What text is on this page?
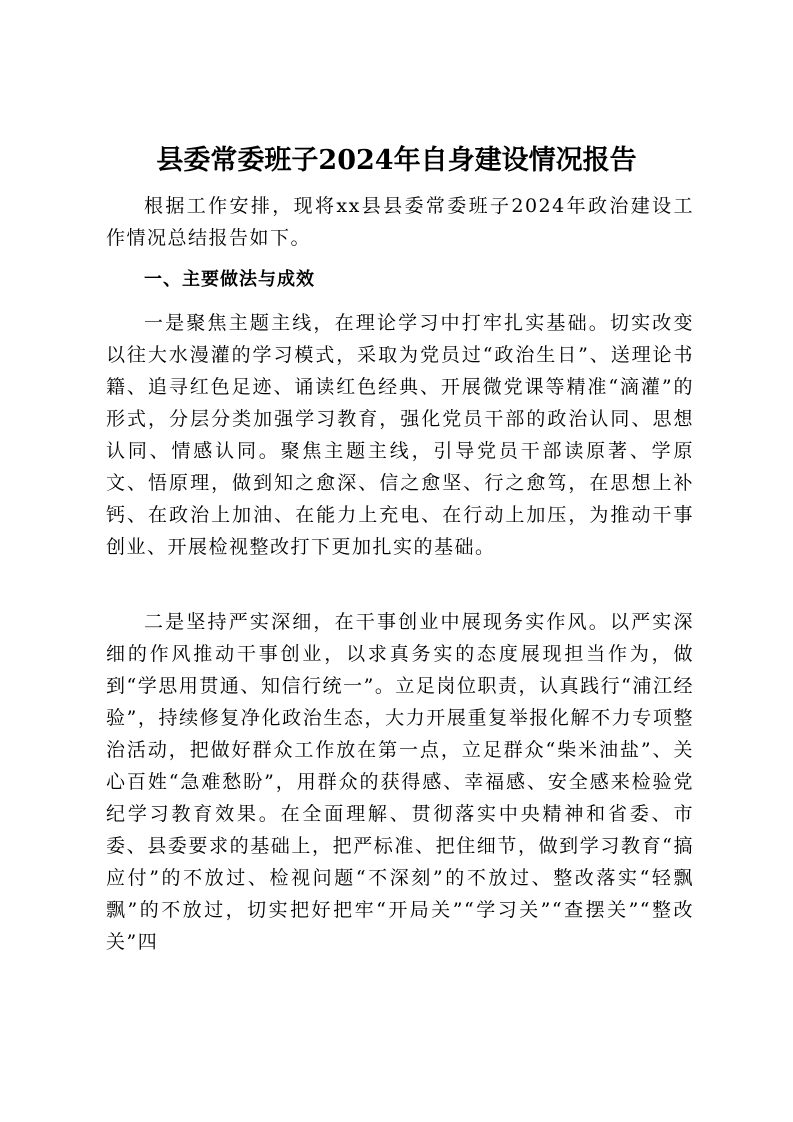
县委常委班子2024年自身建设情况报告
根据工作安排，现将xx县县委常委班子2024年政治建设工作情况总结报告如下。
一、主要做法与成效
一是聚焦主题主线，在理论学习中打牢扎实基础。切实改变以往大水漫灌的学习模式，采取为党员过“政治生日”、送理论书籍、追寻红色足迹、诵读红色经典、开展微党课等精准“滴灌”的形式，分层分类加强学习教育，强化党员干部的政治认同、思想认同、情感认同。聚焦主题主线，引导党员干部读原著、学原文、悟原理，做到知之愈深、信之愈坚、行之愈笃，在思想上补钙、在政治上加油、在能力上充电、在行动上加压，为推动干事创业、开展检视整改打下更加扎实的基础。
二是坚持严实深细，在干事创业中展现务实作风。以严实深细的作风推动干事创业，以求真务实的态度展现担当作为，做到“学思用贯通、知信行统一”。立足岗位职责，认真践行“浦江经验”，持续修复净化政治生态，大力开展重复举报化解不力专项整治活动，把做好群众工作放在第一点，立足群众“柴米油盐”、关心百姓“急难愁盼”，用群众的获得感、幸福感、安全感来检验党纪学习教育效果。在全面理解、贯彻落实中央精神和省委、市委、县委要求的基础上，把严标准、把住细节，做到学习教育“搞应付”的不放过、检视问题“不深刻”的不放过、整改落实“轻飘飘”的不放过，切实把好把牢“开局关”“学习关”“查摆关”“整改关”四
